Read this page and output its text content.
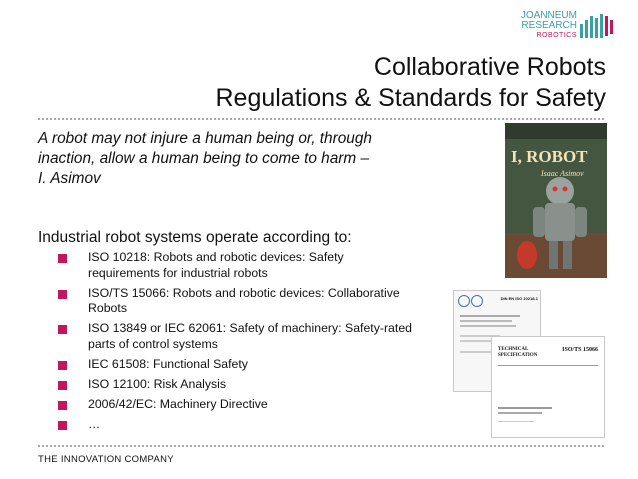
JOANNEUM
RESEARCH
ROBOTICS
Collaborative Robots
Regulations & Standards for Safety
A robot may not injure a human being or, through inaction, allow a human being to come to harm – I. Asimov
Industrial robot systems operate according to:
ISO 10218: Robots and robotic devices: Safety requirements for industrial robots
ISO/TS 15066: Robots and robotic devices: Collaborative Robots
ISO 13849 or IEC 62061: Safety of machinery: Safety-rated parts of control systems
IEC 61508: Functional Safety
ISO 12100: Risk Analysis
2006/42/EC: Machinery Directive
…
I, ROBOT
Isaac Asimov
DIN EN ISO 10218-1
TECHNICAL SPECIFICATION
ISO/TS 15066
THE INNOVATION COMPANY
